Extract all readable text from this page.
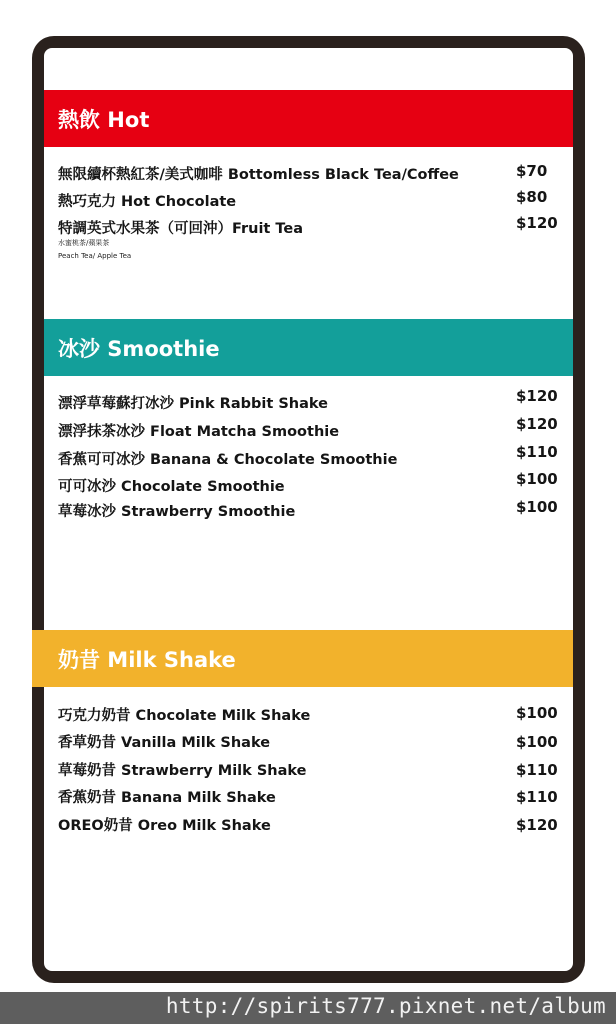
熱飲 Hot
無限續杯熱紅茶/美式咖啡 Bottomless Black Tea/Coffee	$70
熱巧克力 Hot Chocolate	$80
特調英式水果茶（可回沖）Fruit Tea	$120
水蜜桃茶/蘋果茶
Peach Tea/ Apple Tea
冰沙 Smoothie
漂浮草莓蘇打冰沙 Pink Rabbit Shake	$120
漂浮抹茶冰沙 Float Matcha Smoothie	$120
香蕉可可冰沙 Banana & Chocolate Smoothie	$110
可可冰沙 Chocolate Smoothie	$100
草莓冰沙 Strawberry Smoothie	$100
奶昔 Milk Shake
巧克力奶昔 Chocolate Milk Shake	$100
香草奶昔 Vanilla Milk Shake	$100
草莓奶昔 Strawberry Milk Shake	$110
香蕉奶昔 Banana Milk Shake	$110
OREO奶昔 Oreo Milk Shake	$120
http://spirits777.pixnet.net/album
